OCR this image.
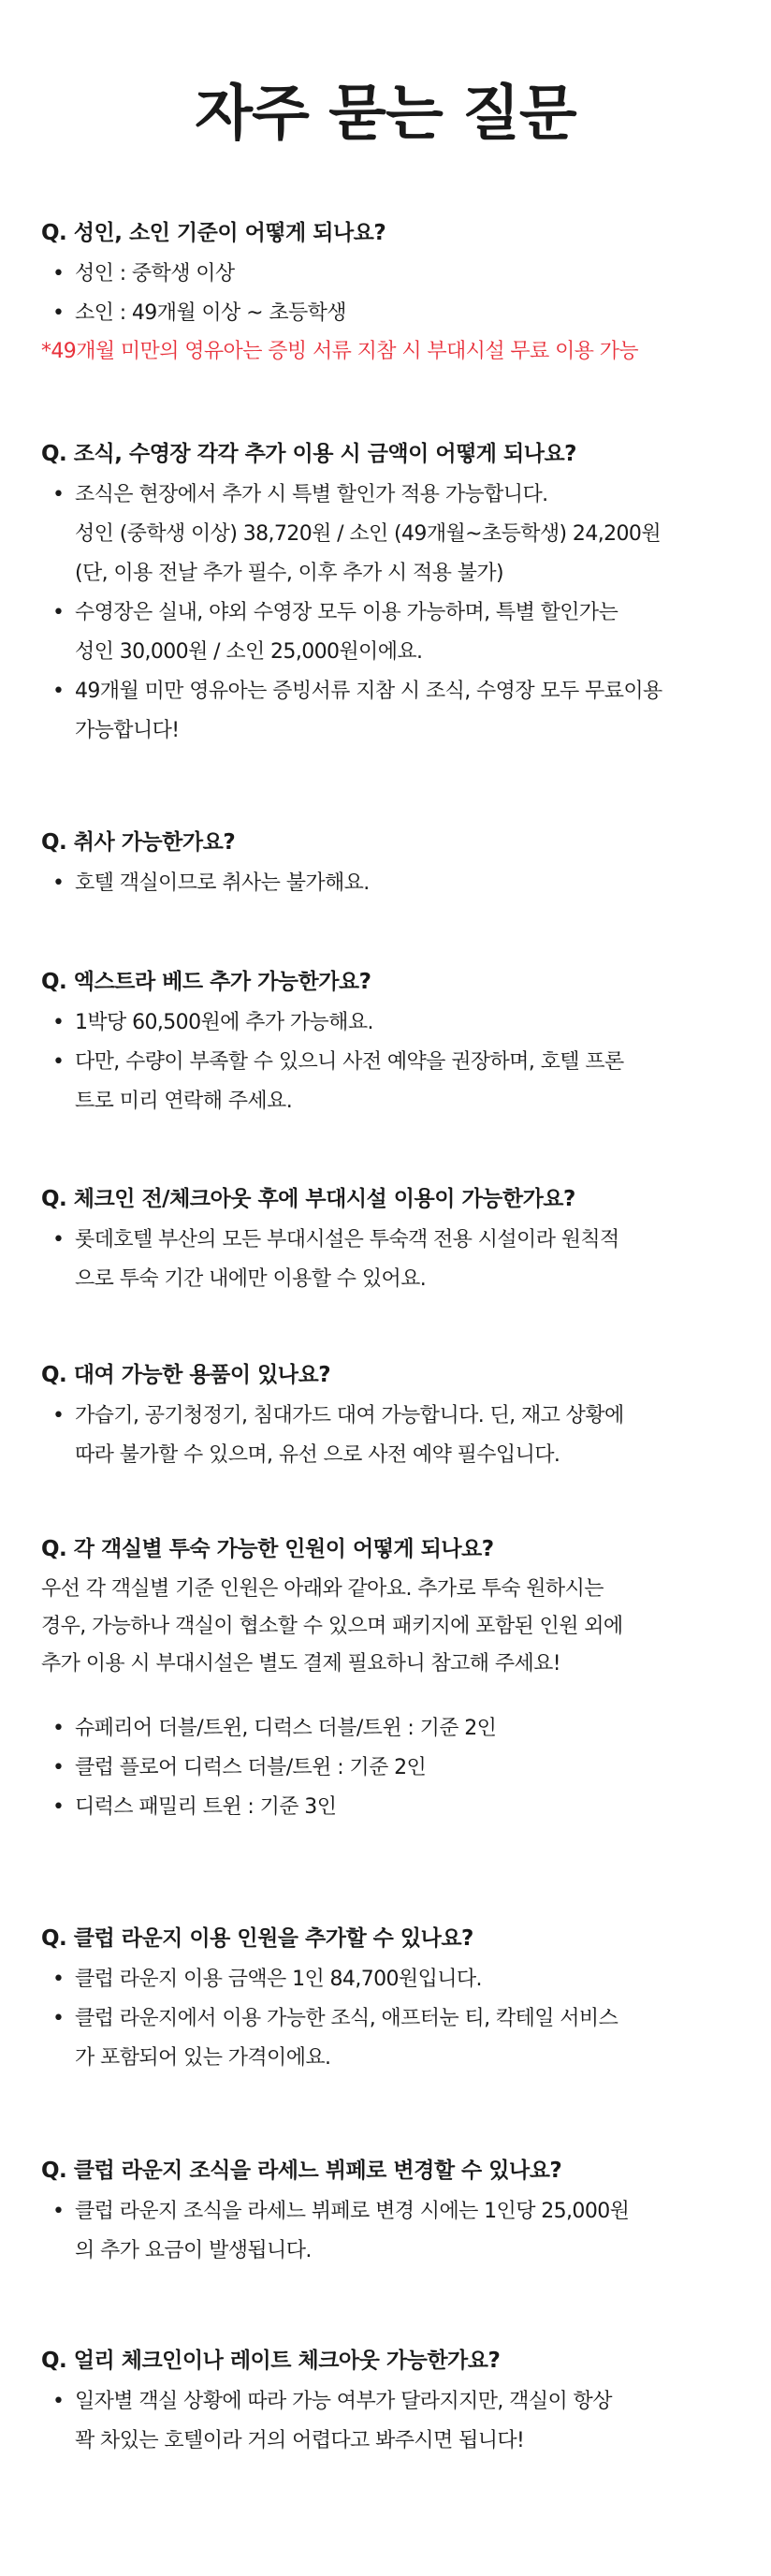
자주 묻는 질문
Q. 성인, 소인 기준이 어떻게 되나요?
• 성인 : 중학생 이상
• 소인 : 49개월 이상 ~ 초등학생
*49개월 미만의 영유아는 증빙 서류 지참 시 부대시설 무료 이용 가능
Q. 조식, 수영장 각각 추가 이용 시 금액이 어떻게 되나요?
• 조식은 현장에서 추가 시 특별 할인가 적용 가능합니다.
성인 (중학생 이상) 38,720원 / 소인 (49개월~초등학생) 24,200원
(단, 이용 전날 추가 필수, 이후 추가 시 적용 불가)
• 수영장은 실내, 야외 수영장 모두 이용 가능하며, 특별 할인가는
성인 30,000원 / 소인 25,000원이에요.
• 49개월 미만 영유아는 증빙서류 지참 시 조식, 수영장 모두 무료이용
가능합니다!
Q. 취사 가능한가요?
• 호텔 객실이므로 취사는 불가해요.
Q. 엑스트라 베드 추가 가능한가요?
• 1박당 60,500원에 추가 가능해요.
• 다만, 수량이 부족할 수 있으니 사전 예약을 권장하며, 호텔 프론
트로 미리 연락해 주세요.
Q. 체크인 전/체크아웃 후에 부대시설 이용이 가능한가요?
• 롯데호텔 부산의 모든 부대시설은 투숙객 전용 시설이라 원칙적
으로 투숙 기간 내에만 이용할 수 있어요.
Q. 대여 가능한 용품이 있나요?
• 가습기, 공기청정기, 침대가드 대여 가능합니다. 딘, 재고 상황에
따라 불가할 수 있으며, 유선 으로 사전 예약 필수입니다.
Q. 각 객실별 투숙 가능한 인원이 어떻게 되나요?
우선 각 객실별 기준 인원은 아래와 같아요. 추가로 투숙 원하시는
경우, 가능하나 객실이 협소할 수 있으며 패키지에 포함된 인원 외에
추가 이용 시 부대시설은 별도 결제 필요하니 참고해 주세요!
• 슈페리어 더블/트윈, 디럭스 더블/트윈 : 기준 2인
• 클럽 플로어 디럭스 더블/트윈 : 기준 2인
• 디럭스 패밀리 트윈 : 기준 3인
Q. 클럽 라운지 이용 인원을 추가할 수 있나요?
• 클럽 라운지 이용 금액은 1인 84,700원입니다.
• 클럽 라운지에서 이용 가능한 조식, 애프터눈 티, 칵테일 서비스
가 포함되어 있는 가격이에요.
Q. 클럽 라운지 조식을 라세느 뷔페로 변경할 수 있나요?
• 클럽 라운지 조식을 라세느 뷔페로 변경 시에는 1인당 25,000원
의 추가 요금이 발생됩니다.
Q. 얼리 체크인이나 레이트 체크아웃 가능한가요?
• 일자별 객실 상황에 따라 가능 여부가 달라지지만, 객실이 항상
꽉 차있는 호텔이라 거의 어렵다고 봐주시면 됩니다!
